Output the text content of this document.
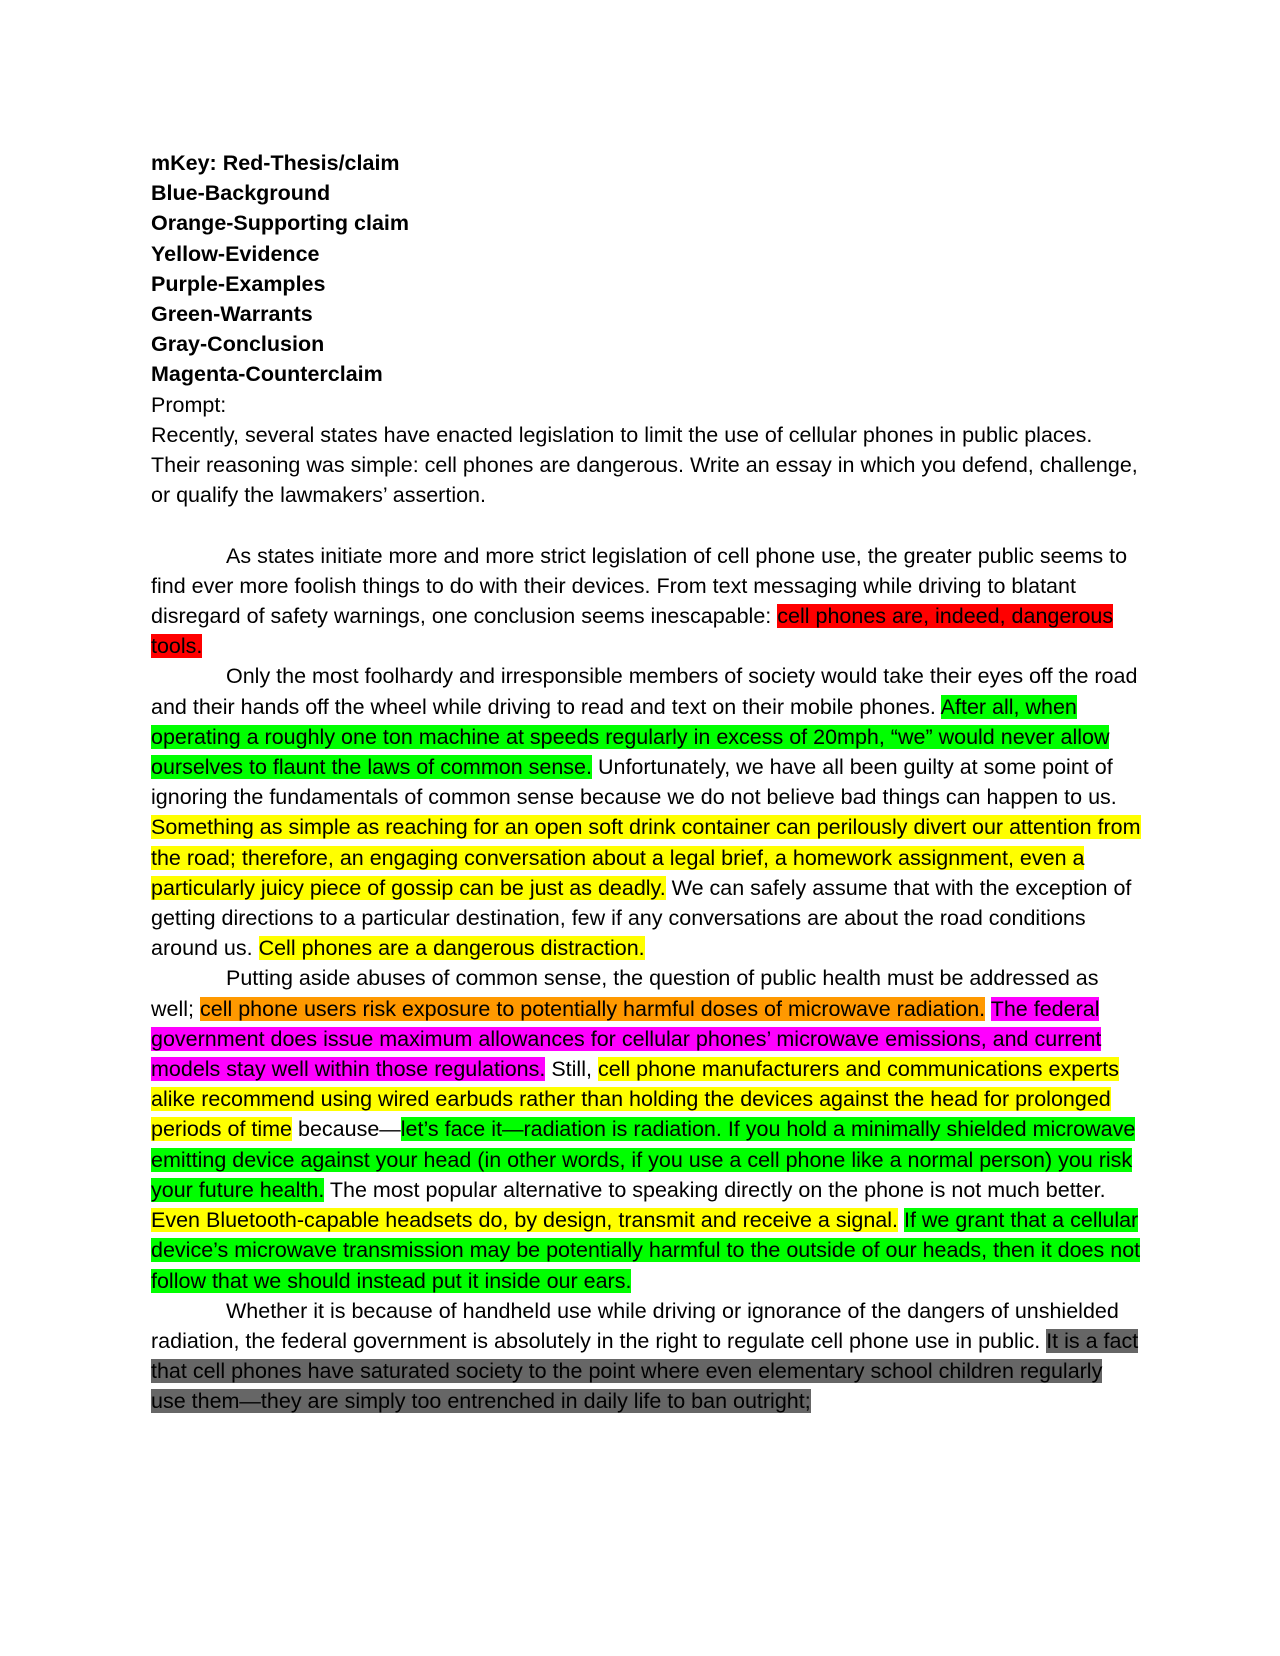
mKey: Red-Thesis/claim

Blue-Background

Orange-Supporting claim

Yellow-Evidence

Purple-Examples

Green-Warrants

Gray-Conclusion

Magenta-Counterclaim

Prompt:

Recently, several states have enacted legislation to limit the use of cellular phones in public places. Their reasoning was simple: cell phones are dangerous. Write an essay in which you defend, challenge, or qualify the lawmakers’ assertion.

As states initiate more and more strict legislation of cell phone use, the greater public seems to find ever more foolish things to do with their devices. From text messaging while driving to blatant disregard of safety warnings, one conclusion seems inescapable: cell phones are, indeed, dangerous tools.

Only the most foolhardy and irresponsible members of society would take their eyes off the road and their hands off the wheel while driving to read and text on their mobile phones. After all, when operating a roughly one ton machine at speeds regularly in excess of 20mph, “we” would never allow ourselves to flaunt the laws of common sense. Unfortunately, we have all been guilty at some point of ignoring the fundamentals of common sense because we do not believe bad things can happen to us. Something as simple as reaching for an open soft drink container can perilously divert our attention from the road; therefore, an engaging conversation about a legal brief, a homework assignment, even a particularly juicy piece of gossip can be just as deadly. We can safely assume that with the exception of getting directions to a particular destination, few if any conversations are about the road conditions around us. Cell phones are a dangerous distraction.

Putting aside abuses of common sense, the question of public health must be addressed as well; cell phone users risk exposure to potentially harmful doses of microwave radiation. The federal government does issue maximum allowances for cellular phones’ microwave emissions, and current models stay well within those regulations. Still, cell phone manufacturers and communications experts alike recommend using wired earbuds rather than holding the devices against the head for prolonged periods of time because—let’s face it—radiation is radiation. If you hold a minimally shielded microwave emitting device against your head (in other words, if you use a cell phone like a normal person) you risk your future health. The most popular alternative to speaking directly on the phone is not much better. Even Bluetooth-capable headsets do, by design, transmit and receive a signal. If we grant that a cellular device’s microwave transmission may be potentially harmful to the outside of our heads, then it does not follow that we should instead put it inside our ears.

Whether it is because of handheld use while driving or ignorance of the dangers of unshielded radiation, the federal government is absolutely in the right to regulate cell phone use in public. It is a fact that cell phones have saturated society to the point where even elementary school children regularly use them—they are simply too entrenched in daily life to ban outright;
